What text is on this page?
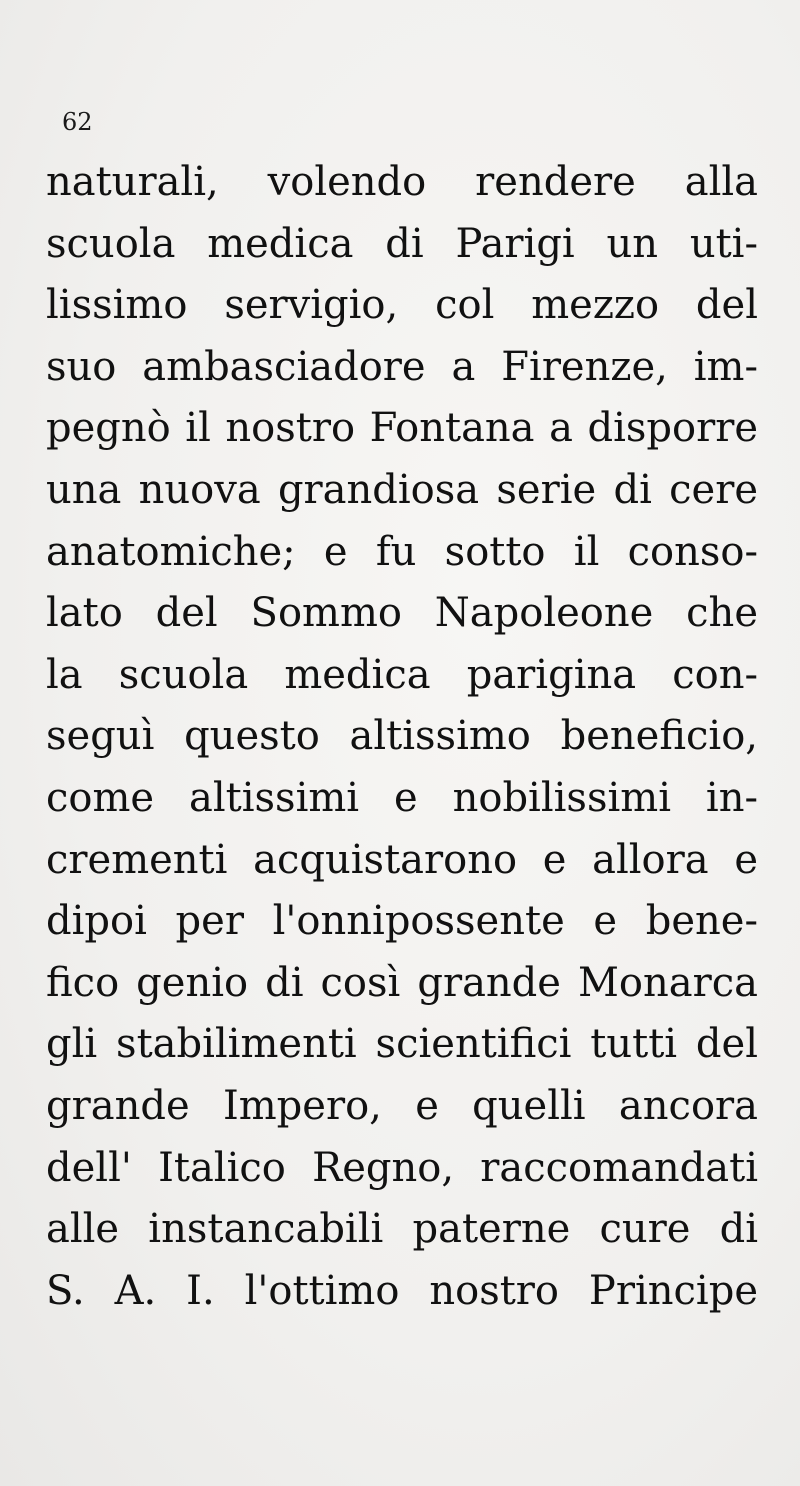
62
naturali, volendo rendere alla
scuola medica di Parigi un uti-
lissimo servigio, col mezzo del
suo ambasciadore a Firenze, im-
pegnò il nostro Fontana a disporre
una nuova grandiosa serie di cere
anatomiche; e fu sotto il conso-
lato del Sommo Napoleone che
la scuola medica parigina con-
seguì questo altissimo beneficio,
come altissimi e nobilissimi in-
crementi acquistarono e allora e
dipoi per l'onnipossente e bene-
fico genio di così grande Monarca
gli stabilimenti scientifici tutti del
grande Impero, e quelli ancora
dell' Italico Regno, raccomandati
alle instancabili paterne cure di
S. A. I. l'ottimo nostro Principe
